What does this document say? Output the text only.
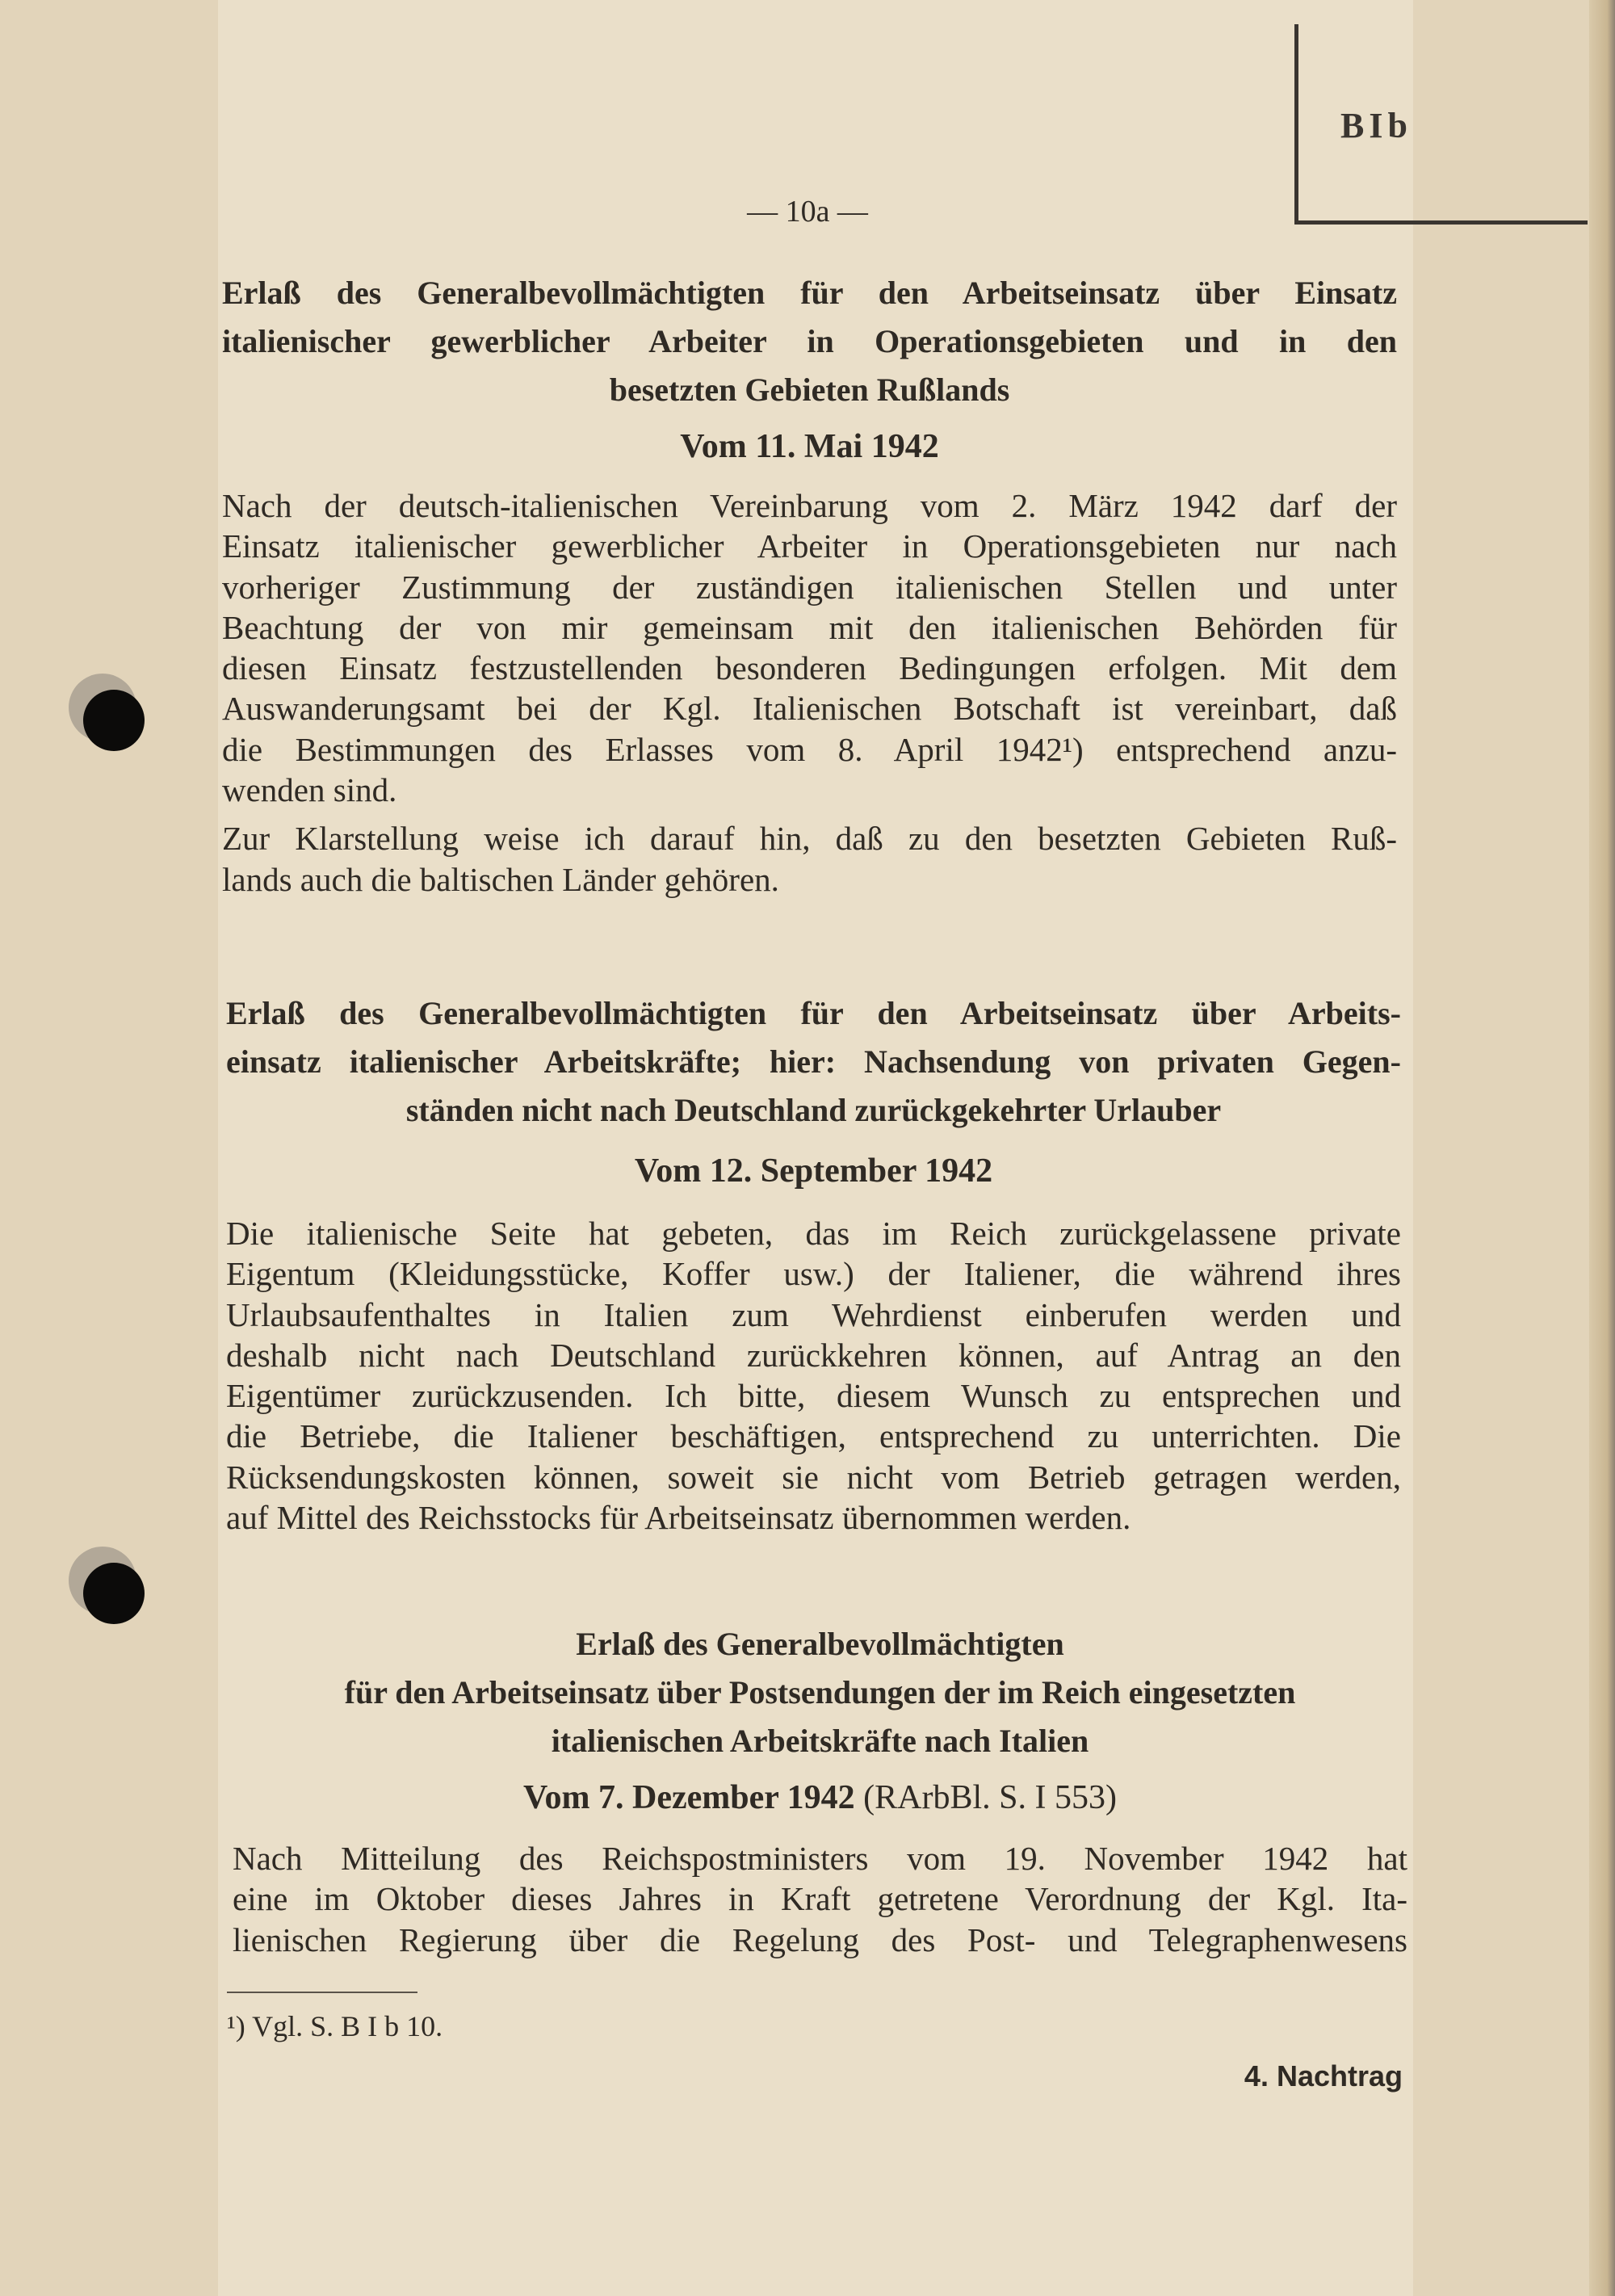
BIb
— 10a —
Erlaß des Generalbevollmächtigten für den Arbeitseinsatz über Einsatz
italienischer gewerblicher Arbeiter in Operationsgebieten und in den
besetzten Gebieten Rußlands
Vom 11. Mai 1942
Nach der deutsch-italienischen Vereinbarung vom 2. März 1942 darf der
Einsatz italienischer gewerblicher Arbeiter in Operationsgebieten nur nach
vorheriger Zustimmung der zuständigen italienischen Stellen und unter
Beachtung der von mir gemeinsam mit den italienischen Behörden für
diesen Einsatz festzustellenden besonderen Bedingungen erfolgen. Mit dem
Auswanderungsamt bei der Kgl. Italienischen Botschaft ist vereinbart, daß
die Bestimmungen des Erlasses vom 8. April 1942¹) entsprechend anzu-
wenden sind.
Zur Klarstellung weise ich darauf hin, daß zu den besetzten Gebieten Ruß-
lands auch die baltischen Länder gehören.
Erlaß des Generalbevollmächtigten für den Arbeitseinsatz über Arbeits-
einsatz italienischer Arbeitskräfte; hier: Nachsendung von privaten Gegen-
ständen nicht nach Deutschland zurückgekehrter Urlauber
Vom 12. September 1942
Die italienische Seite hat gebeten, das im Reich zurückgelassene private
Eigentum (Kleidungsstücke, Koffer usw.) der Italiener, die während ihres
Urlaubsaufenthaltes in Italien zum Wehrdienst einberufen werden und
deshalb nicht nach Deutschland zurückkehren können, auf Antrag an den
Eigentümer zurückzusenden. Ich bitte, diesem Wunsch zu entsprechen und
die Betriebe, die Italiener beschäftigen, entsprechend zu unterrichten. Die
Rücksendungskosten können, soweit sie nicht vom Betrieb getragen werden,
auf Mittel des Reichsstocks für Arbeitseinsatz übernommen werden.
Erlaß des Generalbevollmächtigten
für den Arbeitseinsatz über Postsendungen der im Reich eingesetzten
italienischen Arbeitskräfte nach Italien
Vom 7. Dezember 1942 (RArbBl. S. I 553)
Nach Mitteilung des Reichspostministers vom 19. November 1942 hat
eine im Oktober dieses Jahres in Kraft getretene Verordnung der Kgl. Ita-
lienischen Regierung über die Regelung des Post- und Telegraphenwesens
¹) Vgl. S. B I b 10.
4. Nachtrag
